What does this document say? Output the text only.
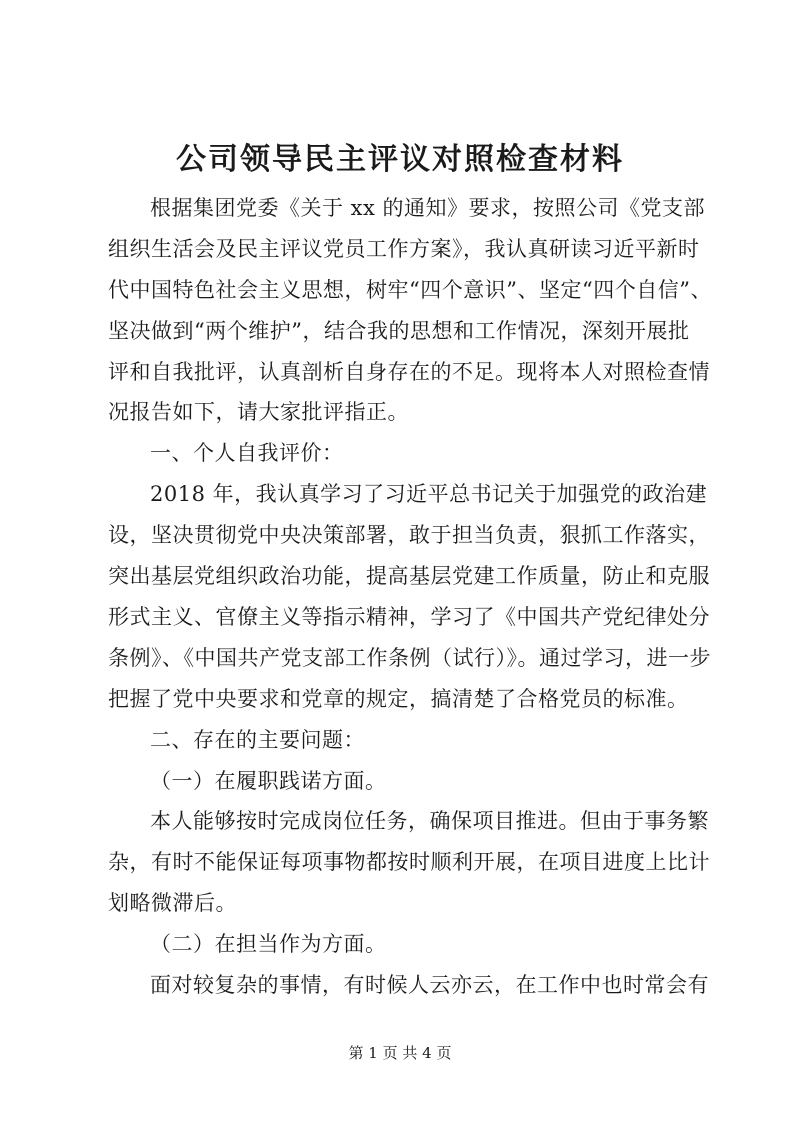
公司领导民主评议对照检查材料
根据集团党委《关于 xx 的通知》要求，按照公司《党支部
组织生活会及民主评议党员工作方案》，我认真研读习近平新时
代中国特色社会主义思想，树牢“四个意识”、坚定“四个自信”、
坚决做到“两个维护”，结合我的思想和工作情况，深刻开展批
评和自我批评，认真剖析自身存在的不足。现将本人对照检查情
况报告如下，请大家批评指正。
一、个人自我评价：
2018 年，我认真学习了习近平总书记关于加强党的政治建
设，坚决贯彻党中央决策部署，敢于担当负责，狠抓工作落实，
突出基层党组织政治功能，提高基层党建工作质量，防止和克服
形式主义、官僚主义等指示精神，学习了《中国共产党纪律处分
条例》、《中国共产党支部工作条例（试行）》。通过学习，进一步
把握了党中央要求和党章的规定，搞清楚了合格党员的标准。
二、存在的主要问题：
（一）在履职践诺方面。
本人能够按时完成岗位任务，确保项目推进。但由于事务繁
杂，有时不能保证每项事物都按时顺利开展，在项目进度上比计
划略微滞后。
（二）在担当作为方面。
面对较复杂的事情，有时候人云亦云，在工作中也时常会有
第 1 页 共 4 页
